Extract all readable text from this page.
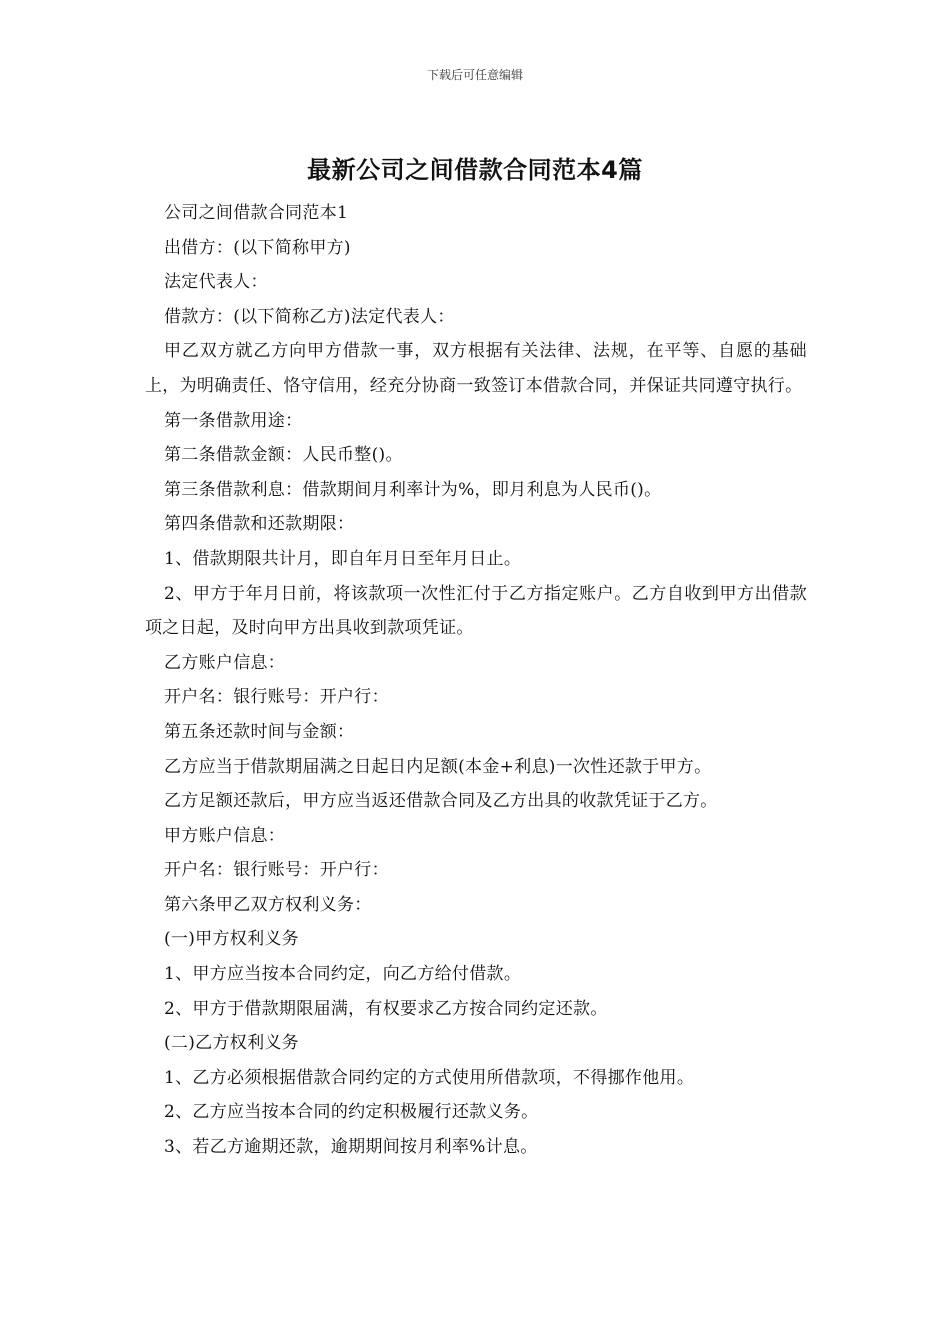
下载后可任意编辑
最新公司之间借款合同范本4篇

公司之间借款合同范本1

出借方：(以下简称甲方)

法定代表人：

借款方：(以下简称乙方)法定代表人：

甲乙双方就乙方向甲方借款一事，双方根据有关法律、法规，在平等、自愿的基础上，为明确责任、恪守信用，经充分协商一致签订本借款合同，并保证共同遵守执行。

第一条借款用途：

第二条借款金额：人民币整()。

第三条借款利息：借款期间月利率计为%，即月利息为人民币()。

第四条借款和还款期限：

1、借款期限共计月，即自年月日至年月日止。

2、甲方于年月日前，将该款项一次性汇付于乙方指定账户。乙方自收到甲方出借款项之日起，及时向甲方出具收到款项凭证。

乙方账户信息：

开户名：银行账号：开户行：

第五条还款时间与金额：

乙方应当于借款期届满之日起日内足额(本金+利息)一次性还款于甲方。

乙方足额还款后，甲方应当返还借款合同及乙方出具的收款凭证于乙方。

甲方账户信息：

开户名：银行账号：开户行：

第六条甲乙双方权利义务：

(一)甲方权利义务

1、甲方应当按本合同约定，向乙方给付借款。

2、甲方于借款期限届满，有权要求乙方按合同约定还款。

(二)乙方权利义务

1、乙方必须根据借款合同约定的方式使用所借款项，不得挪作他用。

2、乙方应当按本合同的约定积极履行还款义务。

3、若乙方逾期还款，逾期期间按月利率%计息。
